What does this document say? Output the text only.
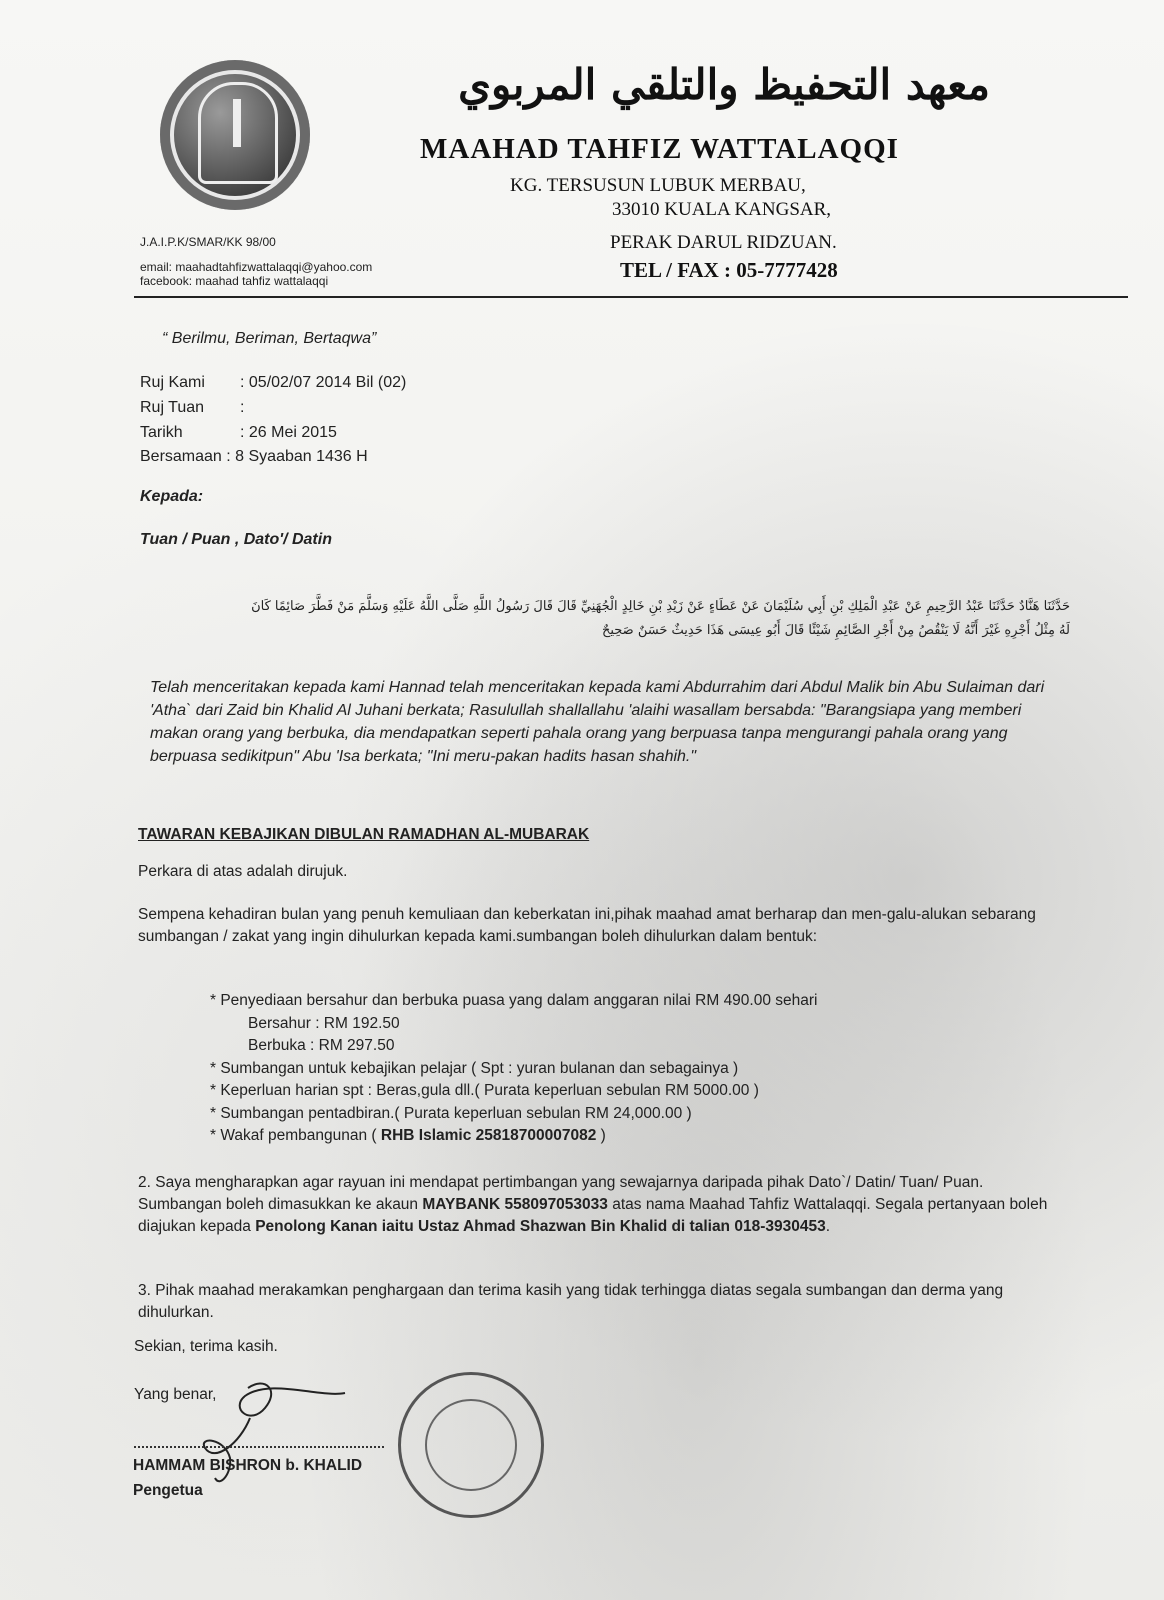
معهد التحفيظ والتلقي المربوي
MAAHAD TAHFIZ WATTALAQQI
KG. TERSUSUN LUBUK MERBAU,
33010 KUALA KANGSAR,
PERAK DARUL RIDZUAN.
TEL / FAX : 05-7777428
J.A.I.P.K/SMAR/KK 98/00
email: maahadtahfizwattalaqqi@yahoo.com
facebook: maahad tahfiz wattalaqqi
“ Berilmu, Beriman, Bertaqwa”
Ruj Kami : 05/02/07 2014 Bil (02)
Ruj Tuan :
Tarikh	: 26 Mei 2015
Bersamaan : 8 Syaaban 1436 H
Kepada:
Tuan / Puan , Dato'/ Datin
حَدَّثَنَا هَنَّادٌ حَدَّثَنَا عَبْدُ الرَّحِيمِ عَنْ عَبْدِ الْمَلِكِ بْنِ أَبِي سُلَيْمَانَ عَنْ عَطَاءٍ عَنْ زَيْدِ بْنِ خَالِدٍ الْجُهَنِيِّ قَالَ قَالَ رَسُولُ اللَّهِ صَلَّى اللَّهُ عَلَيْهِ وَسَلَّمَ مَنْ فَطَّرَ صَائِمًا كَانَ
لَهُ مِثْلُ أَجْرِهِ غَيْرَ أَنَّهُ لَا يَنْقُصُ مِنْ أَجْرِ الصَّائِمِ شَيْئًا قَالَ أَبُو عِيسَى هَذَا حَدِيثٌ حَسَنٌ صَحِيحٌ
Telah menceritakan kepada kami Hannad telah menceritakan kepada kami Abdurrahim dari Abdul Malik bin Abu Sulaiman dari 'Atha` dari Zaid bin Khalid Al Juhani berkata; Rasulullah shallallahu 'alaihi wasallam bersabda: "Barangsiapa yang memberi makan orang yang berbuka, dia mendapatkan seperti pahala orang yang berpuasa tanpa mengurangi pahala orang yang berpuasa sedikitpun" Abu 'Isa berkata; "Ini meru-pakan hadits hasan shahih."
TAWARAN KEBAJIKAN DIBULAN RAMADHAN AL-MUBARAK
Perkara di atas adalah dirujuk.
Sempena kehadiran bulan yang penuh kemuliaan dan keberkatan ini,pihak maahad amat berharap dan men-galu-alukan sebarang sumbangan / zakat yang ingin dihulurkan kepada kami.sumbangan boleh dihulurkan dalam bentuk:
* Penyediaan bersahur dan berbuka puasa yang dalam anggaran nilai RM 490.00 sehari
Bersahur : RM 192.50
Berbuka : RM 297.50
* Sumbangan untuk kebajikan pelajar ( Spt : yuran bulanan dan sebagainya )
* Keperluan harian spt : Beras,gula dll.( Purata keperluan sebulan RM 5000.00 )
* Sumbangan pentadbiran.( Purata keperluan sebulan RM 24,000.00 )
* Wakaf pembangunan ( RHB Islamic 25818700007082 )
2. Saya mengharapkan agar rayuan ini mendapat pertimbangan yang sewajarnya daripada pihak Dato`/ Datin/ Tuan/ Puan. Sumbangan boleh dimasukkan ke akaun MAYBANK 558097053033 atas nama Maahad Tahfiz Wattalaqqi. Segala pertanyaan boleh diajukan kepada Penolong Kanan iaitu Ustaz Ahmad Shazwan Bin Khalid di talian 018-3930453.
3. Pihak maahad merakamkan penghargaan dan terima kasih yang tidak terhingga diatas segala sumbangan dan derma yang dihulurkan.
Sekian, terima kasih.
Yang benar,
HAMMAM BISHRON b. KHALID
Pengetua
